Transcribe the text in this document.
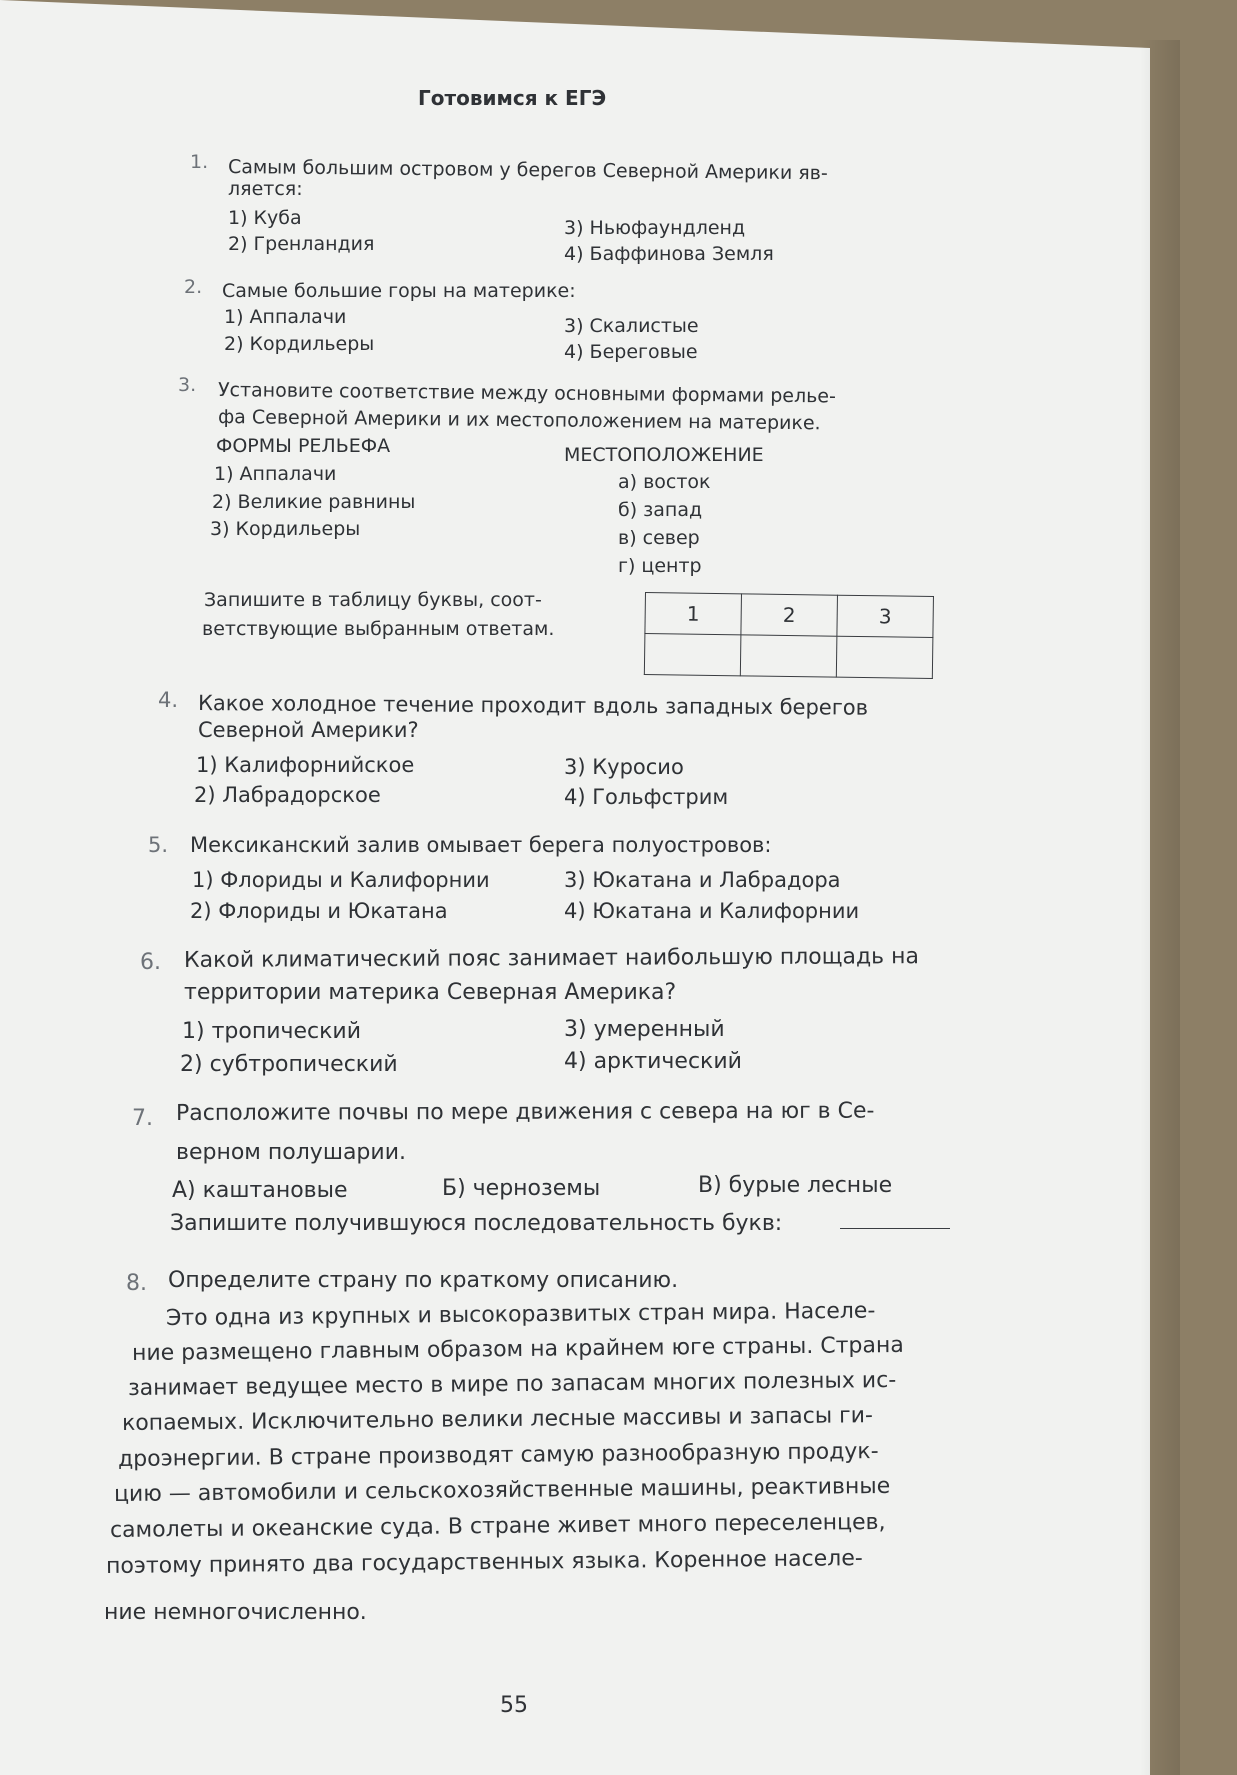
Готовимся к ЕГЭ
1. Самым большим островом у берегов Северной Америки яв-
ляется:
1) Куба
2) Гренландия
3) Ньюфаундленд
4) Баффинова Земля
2. Самые большие горы на материке:
1) Аппалачи
2) Кордильеры
3) Скалистые
4) Береговые
3. Установите соответствие между основными формами релье-
фа Северной Америки и их местоположением на материке.
ФОРМЫ РЕЛЬЕФА	МЕСТОПОЛОЖЕНИЕ
1) Аппалачи
2) Великие равнины
3) Кордильеры
а) восток
б) запад
в) север
г) центр
Запишите в таблицу буквы, соот-
ветствующие выбранным ответам.
1	2	3

4. Какое холодное течение проходит вдоль западных берегов
Северной Америки?
1) Калифорнийское
2) Лабрадорское
3) Куросио
4) Гольфстрим
5. Мексиканский залив омывает берега полуостровов:
1) Флориды и Калифорнии
2) Флориды и Юкатана
3) Юкатана и Лабрадора
4) Юкатана и Калифорнии
6. Какой климатический пояс занимает наибольшую площадь на
территории материка Северная Америка?
1) тропический
2) субтропический
3) умеренный
4) арктический
7. Расположите почвы по мере движения с севера на юг в Се-
верном полушарии.
А) каштановые	Б) черноземы	В) бурые лесные
Запишите получившуюся последовательность букв:
8. Определите страну по краткому описанию.
Это одна из крупных и высокоразвитых стран мира. Населе-
ние размещено главным образом на крайнем юге страны. Страна
занимает ведущее место в мире по запасам многих полезных ис-
копаемых. Исключительно велики лесные массивы и запасы ги-
дроэнергии. В стране производят самую разнообразную продук-
цию — автомобили и сельскохозяйственные машины, реактивные
самолеты и океанские суда. В стране живет много переселенцев,
поэтому принято два государственных языка. Коренное населе-
ние немногочисленно.
55
